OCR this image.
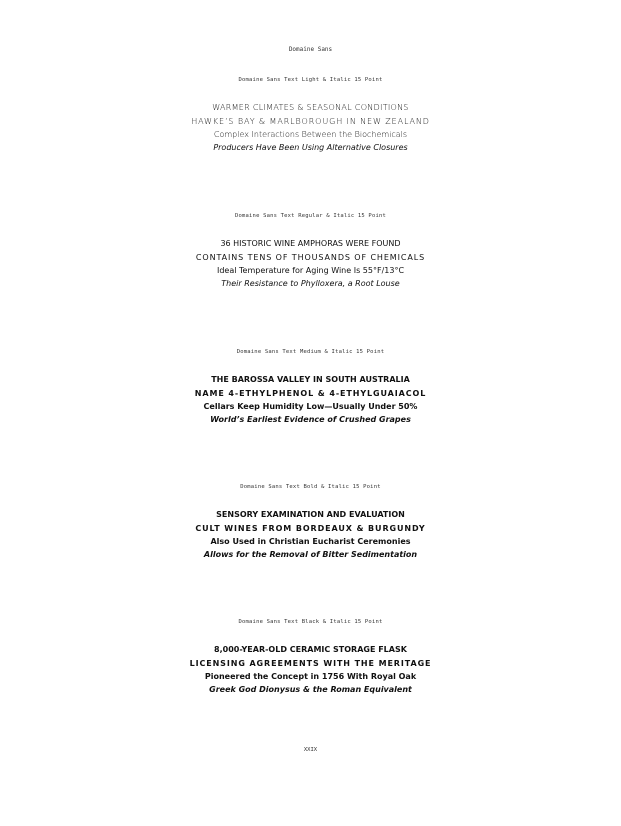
Domaine Sans
Domaine Sans Text Light & Italic 15 Point
WARMER CLIMATES & SEASONAL CONDITIONS
HAWKE’S BAY & MARLBOROUGH IN NEW ZEALAND
Complex Interactions Between the Biochemicals
Producers Have Been Using Alternative Closures
Domaine Sans Text Regular & Italic 15 Point
36 HISTORIC WINE AMPHORAS WERE FOUND
CONTAINS TENS OF THOUSANDS OF CHEMICALS
Ideal Temperature for Aging Wine Is 55°F/13°C
Their Resistance to Phylloxera, a Root Louse
Domaine Sans Text Medium & Italic 15 Point
THE BAROSSA VALLEY IN SOUTH AUSTRALIA
NAME 4-ETHYLPHENOL & 4-ETHYLGUAIACOL
Cellars Keep Humidity Low—Usually Under 50%
World’s Earliest Evidence of Crushed Grapes
Domaine Sans Text Bold & Italic 15 Point
SENSORY EXAMINATION AND EVALUATION
CULT WINES FROM BORDEAUX & BURGUNDY
Also Used in Christian Eucharist Ceremonies
Allows for the Removal of Bitter Sedimentation
Domaine Sans Text Black & Italic 15 Point
8,000-YEAR-OLD CERAMIC STORAGE FLASK
LICENSING AGREEMENTS WITH THE MERITAGE
Pioneered the Concept in 1756 With Royal Oak
Greek God Dionysus & the Roman Equivalent
XXIX
